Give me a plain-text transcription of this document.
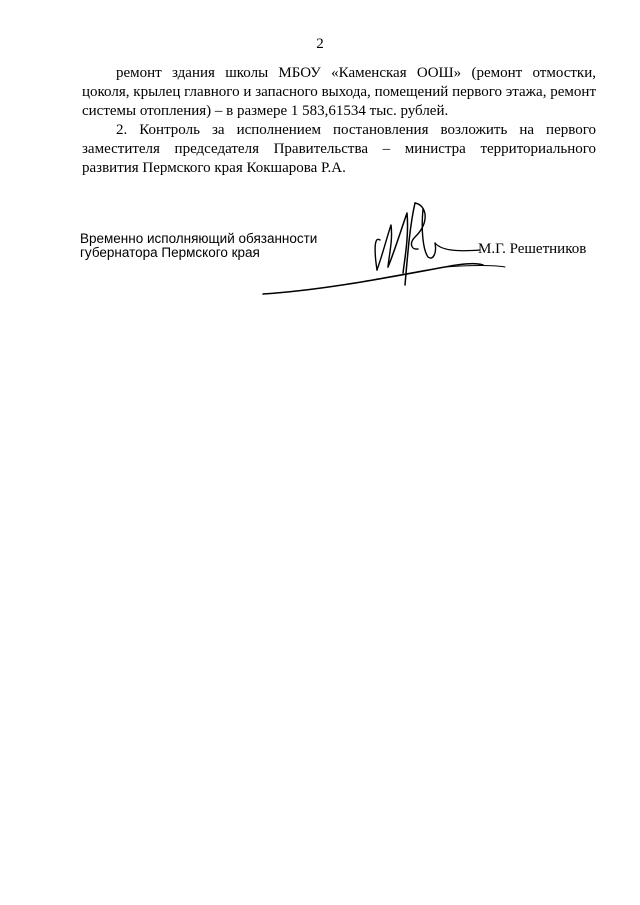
2

ремонт здания школы МБОУ «Каменская ООШ» (ремонт отмостки, цоколя, крылец главного и запасного выхода, помещений первого этажа, ремонт системы отопления) – в размере 1 583,61534 тыс. рублей.

2. Контроль за исполнением постановления возложить на первого заместителя председателя Правительства – министра территориального развития Пермского края Кокшарова Р.А.

Временно исполняющий обязанности
губернатора Пермского края	М.Г. Решетников
